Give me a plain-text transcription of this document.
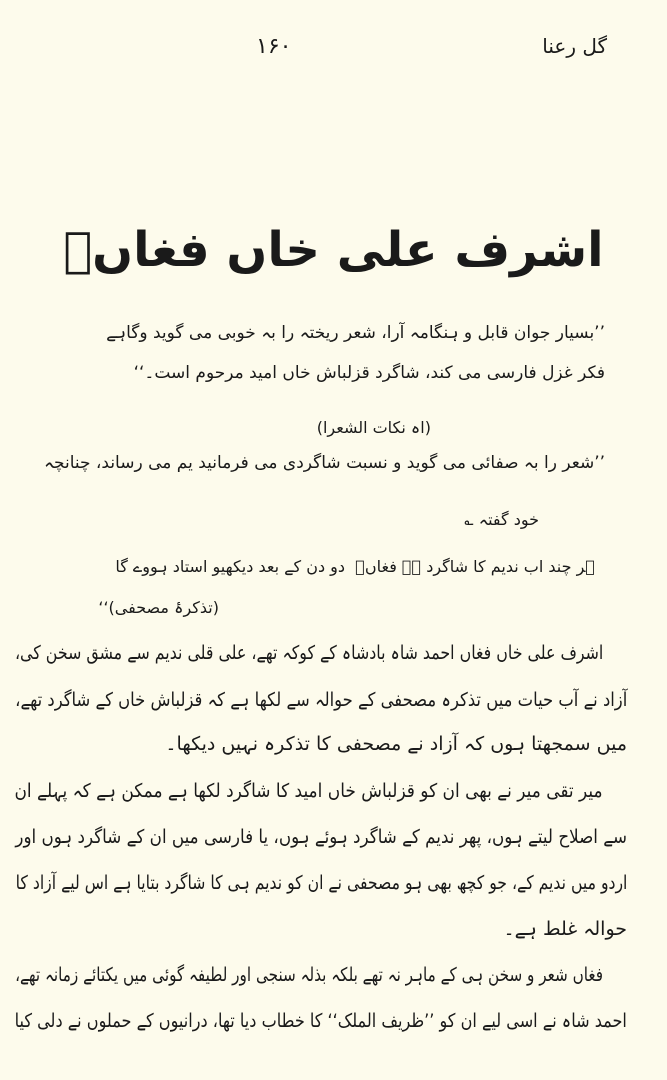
گل رعنا
۱۶۰
اشرف علی خاں فغاںؔ
’’بسیار جوان قابل و ہنگامہ آرا، شعر ریختہ را بہ خوبی می گوید وگاہے
فکر غزل فارسی می کند، شاگرد قزلباش خاں امید مرحوم است۔‘‘
(اہ نکات الشعرا)
’’شعر را بہ صفائی می گوید و نسبت شاگردی می فرمانید یم می رساند، چنانچہ
خود گفتہ ؎
ہر چند اب ندیم کا شاگرد ہے فغاںؔ
دو دن کے بعد دیکھیو استاد ہووے گا
(تذکرۂ مصحفی)‘‘
اشرف علی خاں فغاں احمد شاہ بادشاہ کے کوکہ تھے، علی قلی ندیم سے مشق سخن کی،
آزاد نے آب حیات میں تذکرہ مصحفی کے حوالہ سے لکھا ہے کہ قزلباش خاں کے شاگرد تھے،
میں سمجھتا ہوں کہ آزاد نے مصحفی کا تذکرہ نہیں دیکھا۔
میر تقی میر نے بھی ان کو قزلباش خاں امید کا شاگرد لکھا ہے ممکن ہے کہ پہلے ان
سے اصلاح لیتے ہوں، پھر ندیم کے شاگرد ہوئے ہوں، یا فارسی میں ان کے شاگرد ہوں اور
اردو میں ندیم کے، جو کچھ بھی ہو مصحفی نے ان کو ندیم ہی کا شاگرد بتایا ہے اس لیے آزاد کا
حوالہ غلط ہے۔
فغاں شعر و سخن ہی کے ماہر نہ تھے بلکہ بذلہ سنجی اور لطیفہ گوئی میں یکتائے زمانہ تھے،
احمد شاہ نے اسی لیے ان کو ’’ظریف الملک‘‘ کا خطاب دیا تھا، درانیوں کے حملوں نے دلی کیا
